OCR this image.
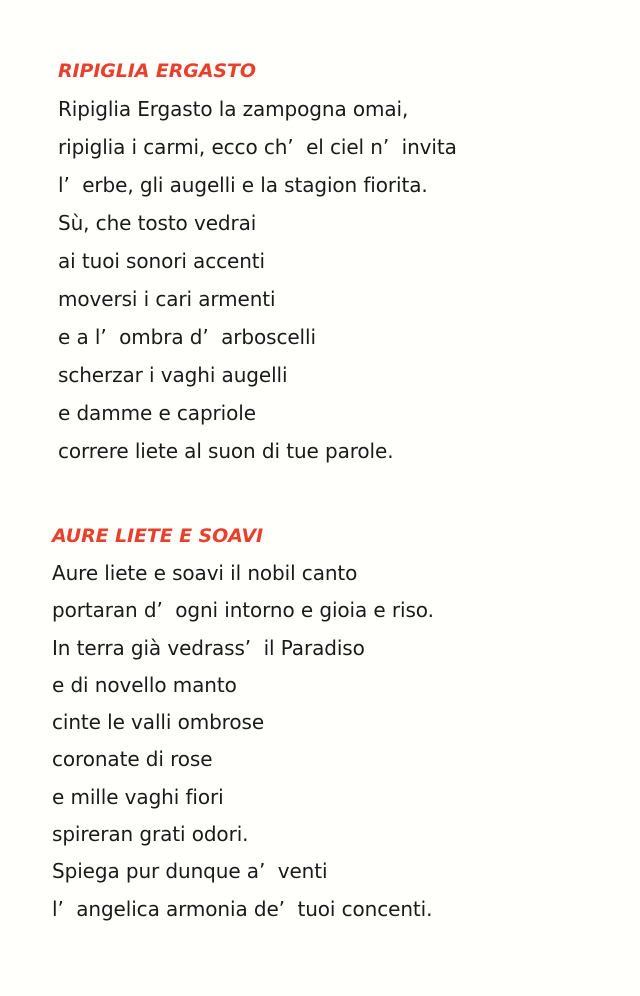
RIPIGLIA ERGASTO
Ripiglia Ergasto la zampogna omai,
ripiglia i carmi, ecco ch’  el ciel n’  invita
l’  erbe, gli augelli e la stagion fiorita.
Sù, che tosto vedrai
ai tuoi sonori accenti
moversi i cari armenti
e a l’  ombra d’  arboscelli
scherzar i vaghi augelli
e damme e capriole
correre liete al suon di tue parole.
AURE LIETE E SOAVI
Aure liete e soavi il nobil canto
portaran d’  ogni intorno e gioia e riso.
In terra già vedrass’  il Paradiso
e di novello manto
cinte le valli ombrose
coronate di rose
e mille vaghi fiori
spireran grati odori.
Spiega pur dunque a’  venti
l’  angelica armonia de’  tuoi concenti.
